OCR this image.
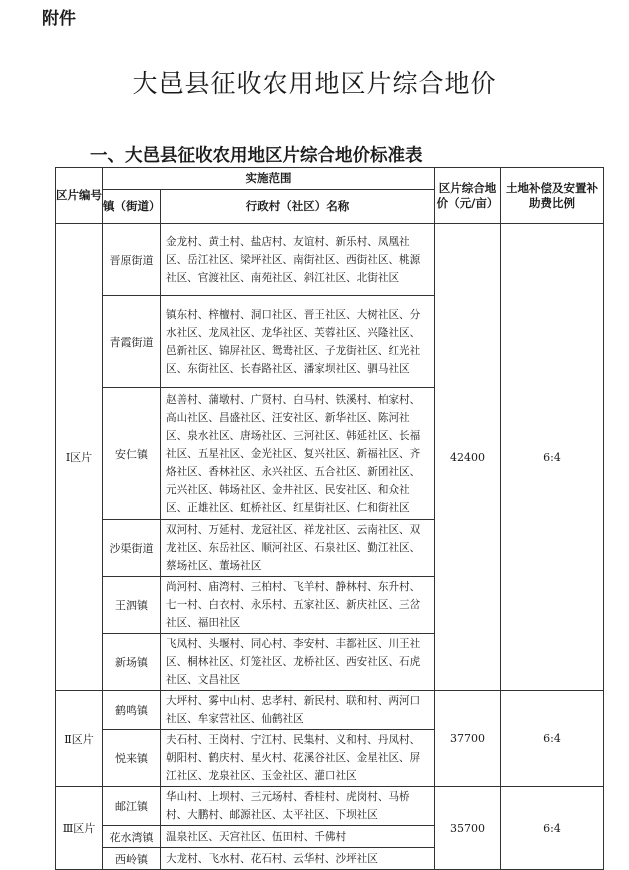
附件
大邑县征收农用地区片综合地价
一、大邑县征收农用地区片综合地价标准表
区片编号	实施范围		区片综合地价（元/亩）	土地补偿及安置补助费比例
	镇（街道）	行政村（社区）名称		
Ⅰ区片	晋原街道	金龙村、黄土村、盐店村、友谊村、新乐村、凤凰社区、岳江社区、梁坪社区、南街社区、西街社区、桃源社区、官渡社区、南苑社区、斜江社区、北街社区	42400	6:4
	青霞街道	镇东村、梓檀村、洞口社区、晋王社区、大树社区、分水社区、龙凤社区、龙华社区、芙蓉社区、兴隆社区、邑新社区、锦屏社区、鸳鸯社区、子龙街社区、红光社区、东街社区、长春路社区、潘家坝社区、驷马社区		
	安仁镇	赵善村、蒲墩村、广贤村、白马村、铁溪村、柏家村、高山社区、昌盛社区、汪安社区、新华社区、陈河社区、泉水社区、唐场社区、三河社区、韩延社区、长福社区、五星社区、金光社区、复兴社区、新福社区、齐烙社区、香林社区、永兴社区、五合社区、新团社区、元兴社区、韩场社区、金井社区、民安社区、和众社区、正雄社区、虹桥社区、红星街社区、仁和街社区		
	沙渠街道	双河村、万延村、龙冠社区、祥龙社区、云南社区、双龙社区、东岳社区、顺河社区、石泉社区、勤江社区、蔡场社区、董场社区		
	王泗镇	尚河村、庙湾村、三柏村、飞羊村、静林村、东升村、七一村、白衣村、永乐村、五家社区、新庆社区、三岔社区、福田社区		
	新场镇	飞凤村、头堰村、同心村、李安村、丰都社区、川王社区、桐林社区、灯笼社区、龙桥社区、西安社区、石虎社区、文昌社区		
Ⅱ区片	鹤鸣镇	大坪村、雾中山村、忠孝村、新民村、联和村、两河口社区、牟家营社区、仙鹤社区	37700	6:4
	悦来镇	夫石村、王岗村、宁江村、民集村、义和村、丹凤村、朝阳村、鹤庆村、星火村、花溪谷社区、金星社区、屏江社区、龙泉社区、玉金社区、灌口社区		
Ⅲ区片	邮江镇	华山村、上坝村、三元场村、香桂村、虎岗村、马桥村、大鹏村、邮源社区、太平社区、下坝社区	35700	6:4
	花水湾镇	温泉社区、天宫社区、伍田村、千佛村		
	西岭镇	大龙村、飞水村、花石村、云华村、沙坪社区		
